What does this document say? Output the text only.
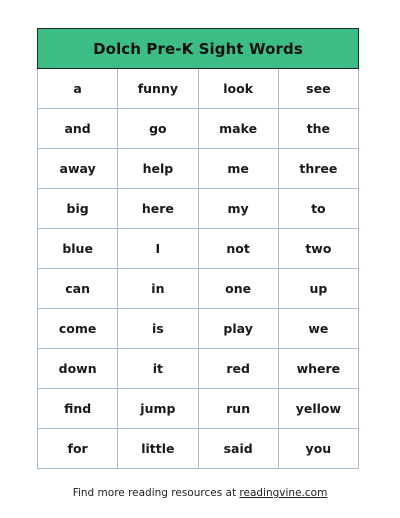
Dolch Pre-K Sight Words
a	funny	look	see
and	go	make	the
away	help	me	three
big	here	my	to
blue	I	not	two
can	in	one	up
come	is	play	we
down	it	red	where
find	jump	run	yellow
for	little	said	you
Find more reading resources at readingvine.com
